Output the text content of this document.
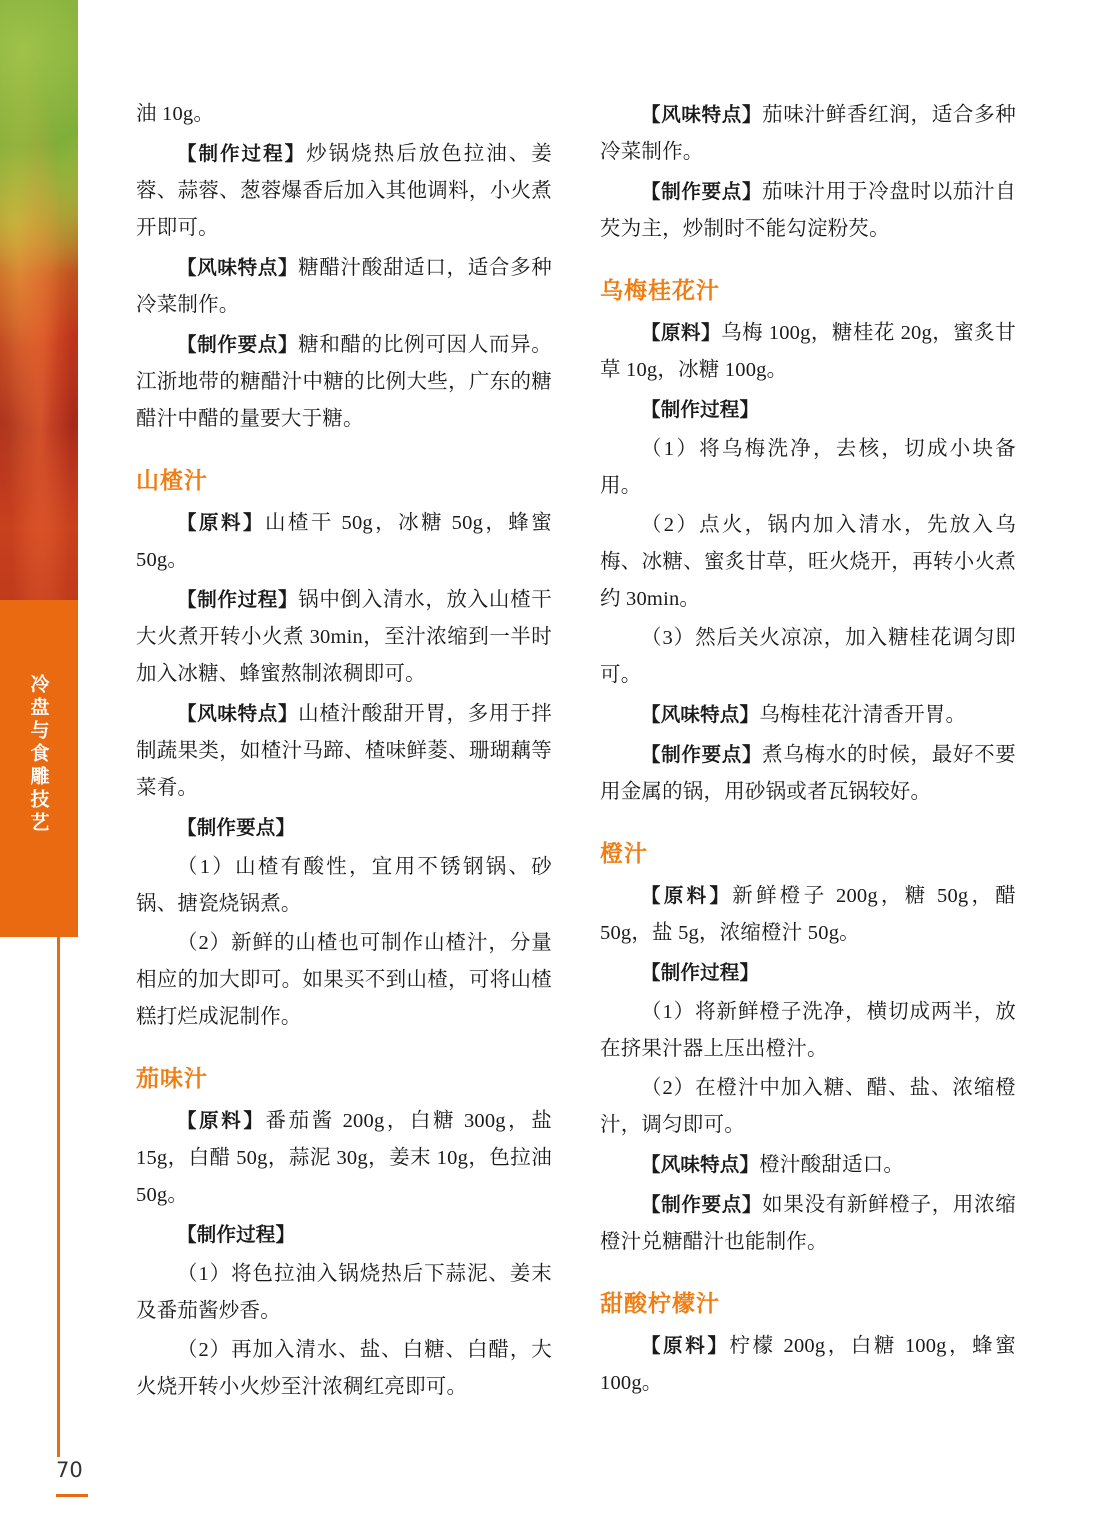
冷盘与食雕技艺
70

油 10g。

【制作过程】炒锅烧热后放色拉油、姜蓉、蒜蓉、葱蓉爆香后加入其他调料，小火煮开即可。

【风味特点】糖醋汁酸甜适口，适合多种冷菜制作。

【制作要点】糖和醋的比例可因人而异。江浙地带的糖醋汁中糖的比例大些，广东的糖醋汁中醋的量要大于糖。

山楂汁

【原料】山楂干 50g，冰糖 50g，蜂蜜 50g。

【制作过程】锅中倒入清水，放入山楂干大火煮开转小火煮 30min，至汁浓缩到一半时加入冰糖、蜂蜜熬制浓稠即可。

【风味特点】山楂汁酸甜开胃，多用于拌制蔬果类，如楂汁马蹄、楂味鲜菱、珊瑚藕等菜肴。

【制作要点】

（1）山楂有酸性，宜用不锈钢锅、砂锅、搪瓷烧锅煮。

（2）新鲜的山楂也可制作山楂汁，分量相应的加大即可。如果买不到山楂，可将山楂糕打烂成泥制作。

茄味汁

【原料】番茄酱 200g，白糖 300g，盐 15g，白醋 50g，蒜泥 30g，姜末 10g，色拉油 50g。

【制作过程】

（1）将色拉油入锅烧热后下蒜泥、姜末及番茄酱炒香。

（2）再加入清水、盐、白糖、白醋，大火烧开转小火炒至汁浓稠红亮即可。

【风味特点】茄味汁鲜香红润，适合多种冷菜制作。

【制作要点】茄味汁用于冷盘时以茄汁自芡为主，炒制时不能勾淀粉芡。

乌梅桂花汁

【原料】乌梅 100g，糖桂花 20g，蜜炙甘草 10g，冰糖 100g。

【制作过程】

（1）将乌梅洗净，去核，切成小块备用。

（2）点火，锅内加入清水，先放入乌梅、冰糖、蜜炙甘草，旺火烧开，再转小火煮约 30min。

（3）然后关火凉凉，加入糖桂花调匀即可。

【风味特点】乌梅桂花汁清香开胃。

【制作要点】煮乌梅水的时候，最好不要用金属的锅，用砂锅或者瓦锅较好。

橙汁

【原料】新鲜橙子 200g，糖 50g，醋 50g，盐 5g，浓缩橙汁 50g。

【制作过程】

（1）将新鲜橙子洗净，横切成两半，放在挤果汁器上压出橙汁。

（2）在橙汁中加入糖、醋、盐、浓缩橙汁，调匀即可。

【风味特点】橙汁酸甜适口。

【制作要点】如果没有新鲜橙子，用浓缩橙汁兑糖醋汁也能制作。

甜酸柠檬汁

【原料】柠檬 200g，白糖 100g，蜂蜜 100g。
